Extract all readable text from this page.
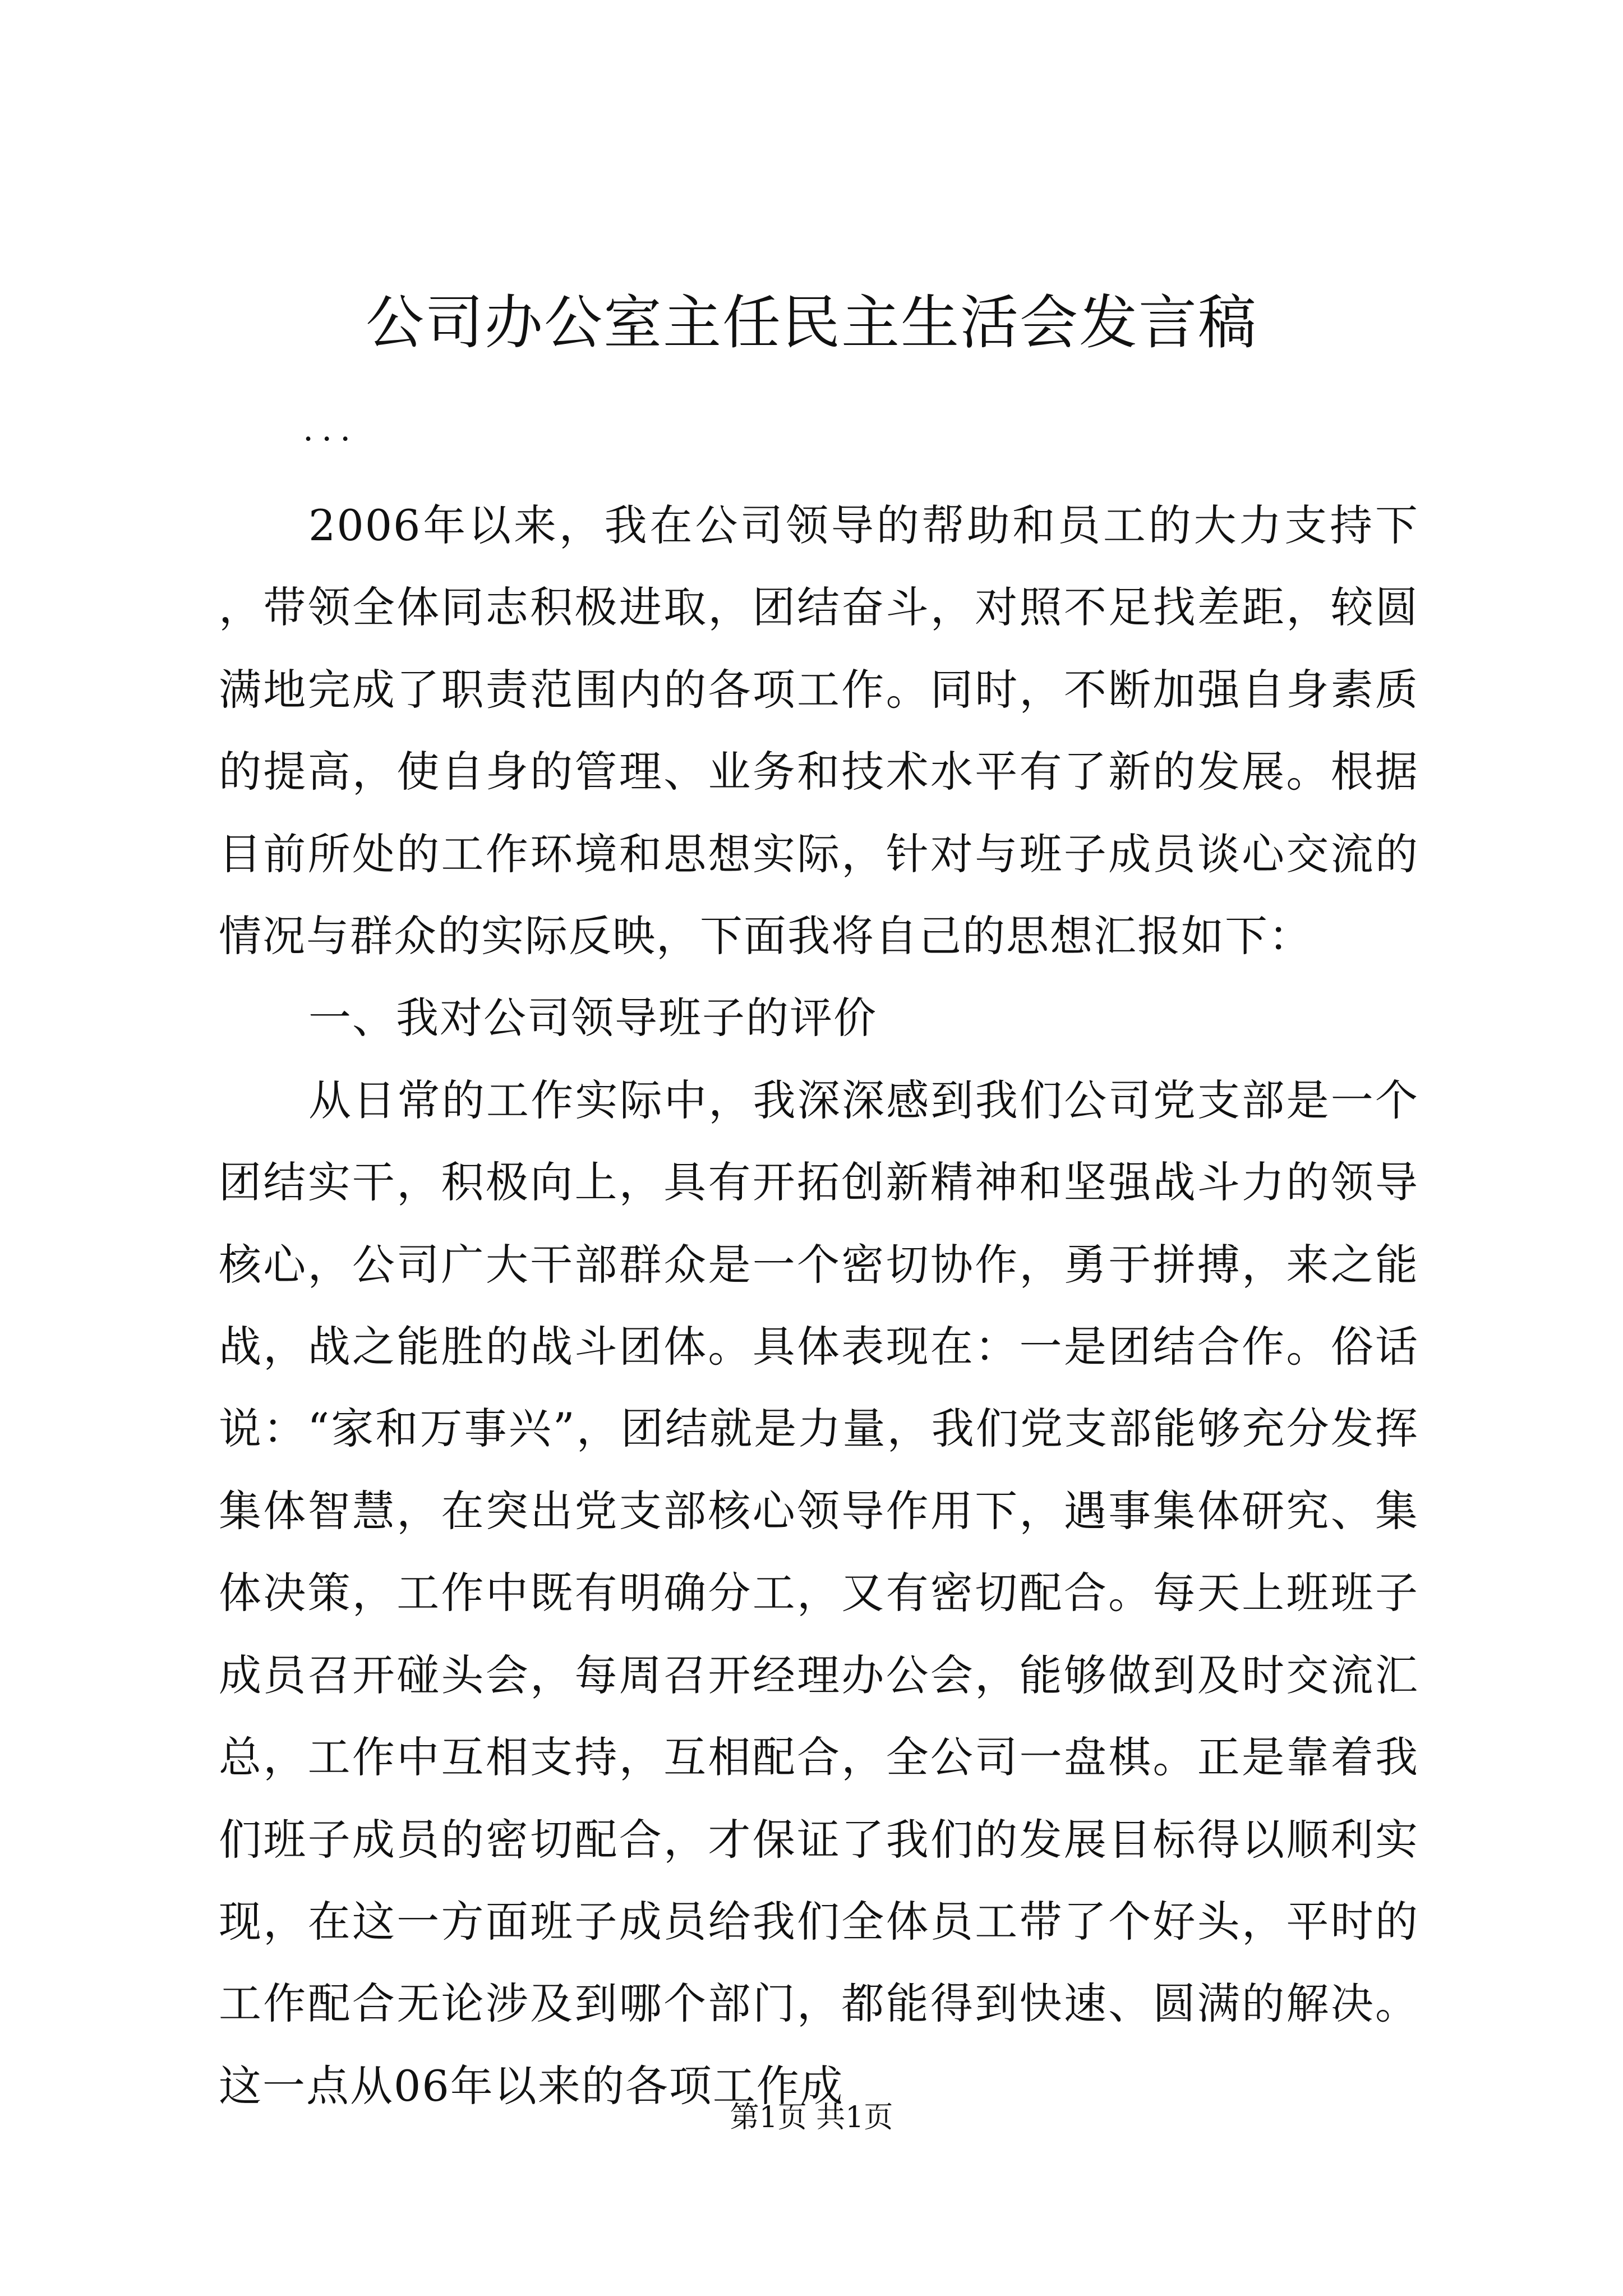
公司办公室主任民主生活会发言稿

...

2006年以来，我在公司领导的帮助和员工的大力支持下，带领全体同志积极进取，团结奋斗，对照不足找差距，较圆满地完成了职责范围内的各项工作。同时，不断加强自身素质的提高，使自身的管理、业务和技术水平有了新的发展。根据目前所处的工作环境和思想实际，针对与班子成员谈心交流的情况与群众的实际反映，下面我将自己的思想汇报如下：

一、我对公司领导班子的评价

从日常的工作实际中，我深深感到我们公司党支部是一个团结实干，积极向上，具有开拓创新精神和坚强战斗力的领导核心，公司广大干部群众是一个密切协作，勇于拼搏，来之能战，战之能胜的战斗团体。具体表现在：一是团结合作。俗话说：“家和万事兴”，团结就是力量，我们党支部能够充分发挥集体智慧，在突出党支部核心领导作用下，遇事集体研究、集体决策，工作中既有明确分工，又有密切配合。每天上班班子成员召开碰头会，每周召开经理办公会，能够做到及时交流汇总，工作中互相支持，互相配合，全公司一盘棋。正是靠着我们班子成员的密切配合，才保证了我们的发展目标得以顺利实现，在这一方面班子成员给我们全体员工带了个好头，平时的工作配合无论涉及到哪个部门，都能得到快速、圆满的解决。这一点从06年以来的各项工作成

第1页 共1页
